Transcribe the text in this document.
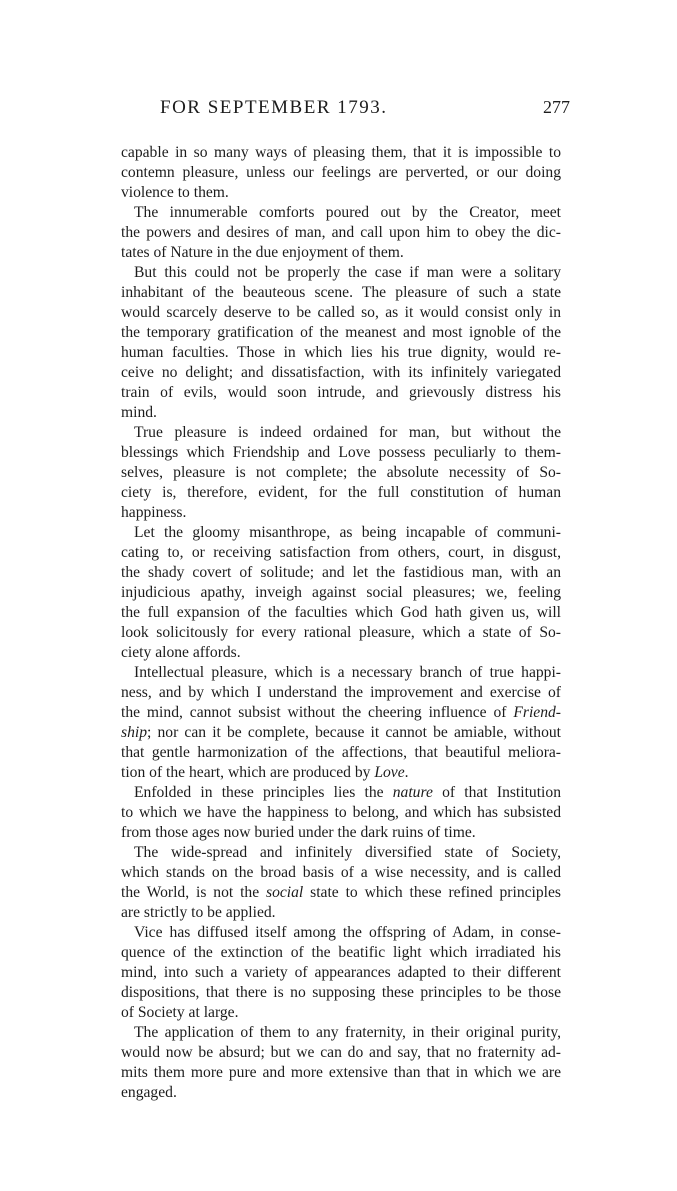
FOR SEPTEMBER 1793.	277
capable in so many ways of pleasing them, that it is impossible to
contemn pleasure, unless our feelings are perverted, or our doing
violence to them.
The innumerable comforts poured out by the Creator, meet
the powers and desires of man, and call upon him to obey the dic-
tates of Nature in the due enjoyment of them.
But this could not be properly the case if man were a solitary
inhabitant of the beauteous scene. The pleasure of such a state
would scarcely deserve to be called so, as it would consist only in
the temporary gratification of the meanest and most ignoble of the
human faculties. Those in which lies his true dignity, would re-
ceive no delight; and dissatisfaction, with its infinitely variegated
train of evils, would soon intrude, and grievously distress his
mind.
True pleasure is indeed ordained for man, but without the
blessings which Friendship and Love possess peculiarly to them-
selves, pleasure is not complete; the absolute necessity of So-
ciety is, therefore, evident, for the full constitution of human
happiness.
Let the gloomy misanthrope, as being incapable of communi-
cating to, or receiving satisfaction from others, court, in disgust,
the shady covert of solitude; and let the fastidious man, with an
injudicious apathy, inveigh against social pleasures; we, feeling
the full expansion of the faculties which God hath given us, will
look solicitously for every rational pleasure, which a state of So-
ciety alone affords.
Intellectual pleasure, which is a necessary branch of true happi-
ness, and by which I understand the improvement and exercise of
the mind, cannot subsist without the cheering influence of Friend-
ship; nor can it be complete, because it cannot be amiable, without
that gentle harmonization of the affections, that beautiful meliora-
tion of the heart, which are produced by Love.
Enfolded in these principles lies the nature of that Institution
to which we have the happiness to belong, and which has subsisted
from those ages now buried under the dark ruins of time.
The wide-spread and infinitely diversified state of Society,
which stands on the broad basis of a wise necessity, and is called
the World, is not the social state to which these refined principles
are strictly to be applied.
Vice has diffused itself among the offspring of Adam, in conse-
quence of the extinction of the beatific light which irradiated his
mind, into such a variety of appearances adapted to their different
dispositions, that there is no supposing these principles to be those
of Society at large.
The application of them to any fraternity, in their original purity,
would now be absurd; but we can do and say, that no fraternity ad-
mits them more pure and more extensive than that in which we are
engaged.
